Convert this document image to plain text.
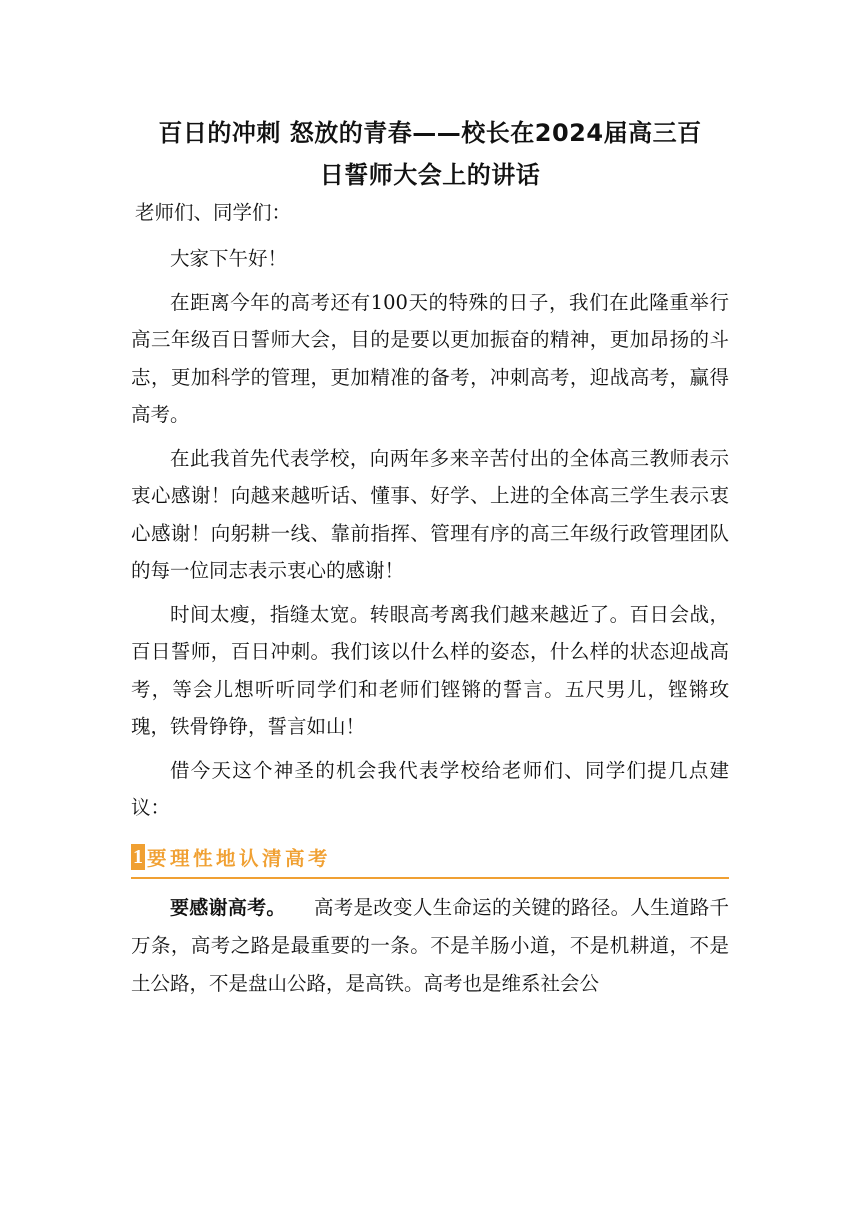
百日的冲刺 怒放的青春——校长在2024届高三百
日誓师大会上的讲话

老师们、同学们：

大家下午好！

在距离今年的高考还有100天的特殊的日子，我们在此隆重举行高三年级百日誓师大会，目的是要以更加振奋的精神，更加昂扬的斗志，更加科学的管理，更加精准的备考，冲刺高考，迎战高考，赢得高考。

在此我首先代表学校，向两年多来辛苦付出的全体高三教师表示衷心感谢！向越来越听话、懂事、好学、上进的全体高三学生表示衷心感谢！向躬耕一线、靠前指挥、管理有序的高三年级行政管理团队的每一位同志表示衷心的感谢！

时间太瘦，指缝太宽。转眼高考离我们越来越近了。百日会战，百日誓师，百日冲刺。我们该以什么样的姿态，什么样的状态迎战高考，等会儿想听听同学们和老师们铿锵的誓言。五尺男儿，铿锵玫瑰，铁骨铮铮，誓言如山！

借今天这个神圣的机会我代表学校给老师们、同学们提几点建议：

1 要理性地认清高考

要感谢高考。 高考是改变人生命运的关键的路径。人生道路千万条，高考之路是最重要的一条。不是羊肠小道，不是机耕道，不是土公路，不是盘山公路，是高铁。高考也是维系社会公
